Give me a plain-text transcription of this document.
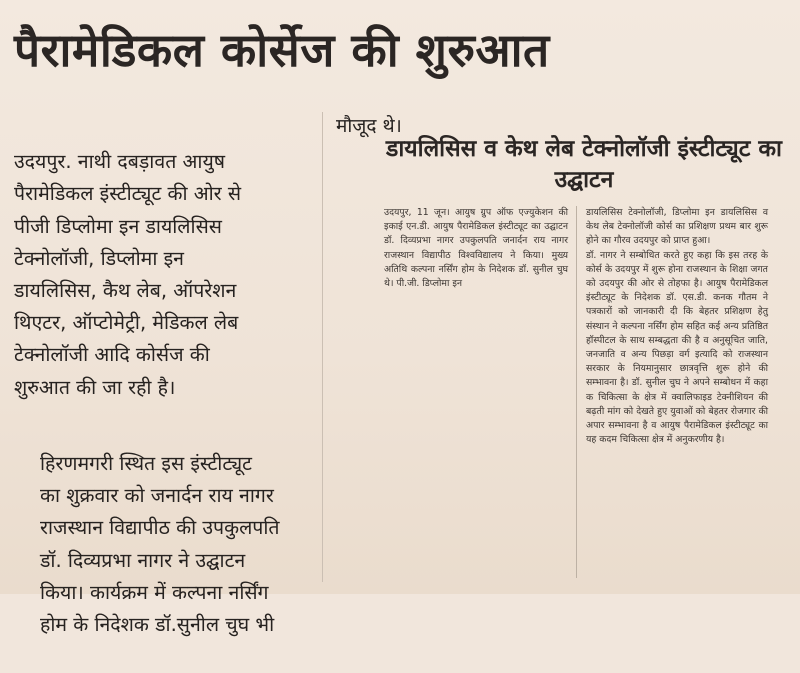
पैरामेडिकल कोर्सेज की शुरुआत

उदयपुर. नाथी दबड़ावत आयुष
पैरामेडिकल इंस्टीट्यूट की ओर से
पीजी डिप्लोमा इन डायलिसिस
टेक्नोलॉजी, डिप्लोमा इन
डायलिसिस, कैथ लेब, ऑपरेशन
थिएटर, ऑप्टोमेट्री, मेडिकल लेब
टेक्नोलॉजी आदि कोर्सज की
शुरुआत की जा रही है।

हिरणमगरी स्थित इस इंस्टीट्यूट
का शुक्रवार को जनार्दन राय नागर
राजस्थान विद्यापीठ की उपकुलपति
डॉ. दिव्यप्रभा नागर ने उद्घाटन
किया। कार्यक्रम में कल्पना नर्सिंग
होम के निदेशक डॉ.सुनील चुघ भी

मौजूद थे।
डायलिसिस व केथ लेब टेक्नोलॉजी इंस्टीट्यूट का उद्घाटन
उदयपुर, 11 जून। आयुष ग्रुप ऑफ एज्युकेशन की इकाई एन.डी. आयुष पैरामेडिकल इंस्टीट्यूट का उद्घाटन डॉ. दिव्यप्रभा नागर उपकुलपति जनार्दन राय नागर राजस्थान विद्यापीठ विश्वविद्यालय ने किया। मुख्य अतिथि कल्पना नर्सिंग होम के निदेशक डॉ. सुनील चुघ थे। पी.जी. डिप्लोमा इन
डायलिसिस टेक्नोलॉजी, डिप्लोमा इन डायलिसिस व केथ लेब टेक्नोलॉजी कोर्स का प्रशिक्षण प्रथम बार शुरू होने का गौरव उदयपुर को प्राप्त हुआ।
डॉ. नागर ने सम्बोधित करते हुए कहा कि इस तरह के कोर्स के उदयपुर में शुरू होना राजस्थान के शिक्षा जगत को उदयपुर की ओर से तोहफा है। आयुष पैरामेडिकल इंस्टीट्यूट के निदेशक डॉ. एस.डी. कनक गौतम ने पत्रकारों को जानकारी दी कि बेहतर प्रशिक्षण हेतु संस्थान ने कल्पना नर्सिंग होम सहित कई अन्य प्रतिष्ठित हॉस्पीटल के साथ सम्बद्धता की है व अनुसूचित जाति, जनजाति व अन्य पिछड़ा वर्ग इत्यादि को राजस्थान सरकार के नियमानुसार छात्रवृत्ति शुरू होने की सम्भावना है। डॉ. सुनील चुघ ने अपने सम्बोधन में कहा क चिकित्सा के क्षेत्र में क्वालिफाइड टेक्नीशियन की बढ़ती मांग को देखते हुए युवाओं को बेहतर रोजगार की अपार सम्भावना है व आयुष पैरामेडिकल इंस्टीट्यूट का यह कदम चिकित्सा क्षेत्र में अनुकरणीय है।
